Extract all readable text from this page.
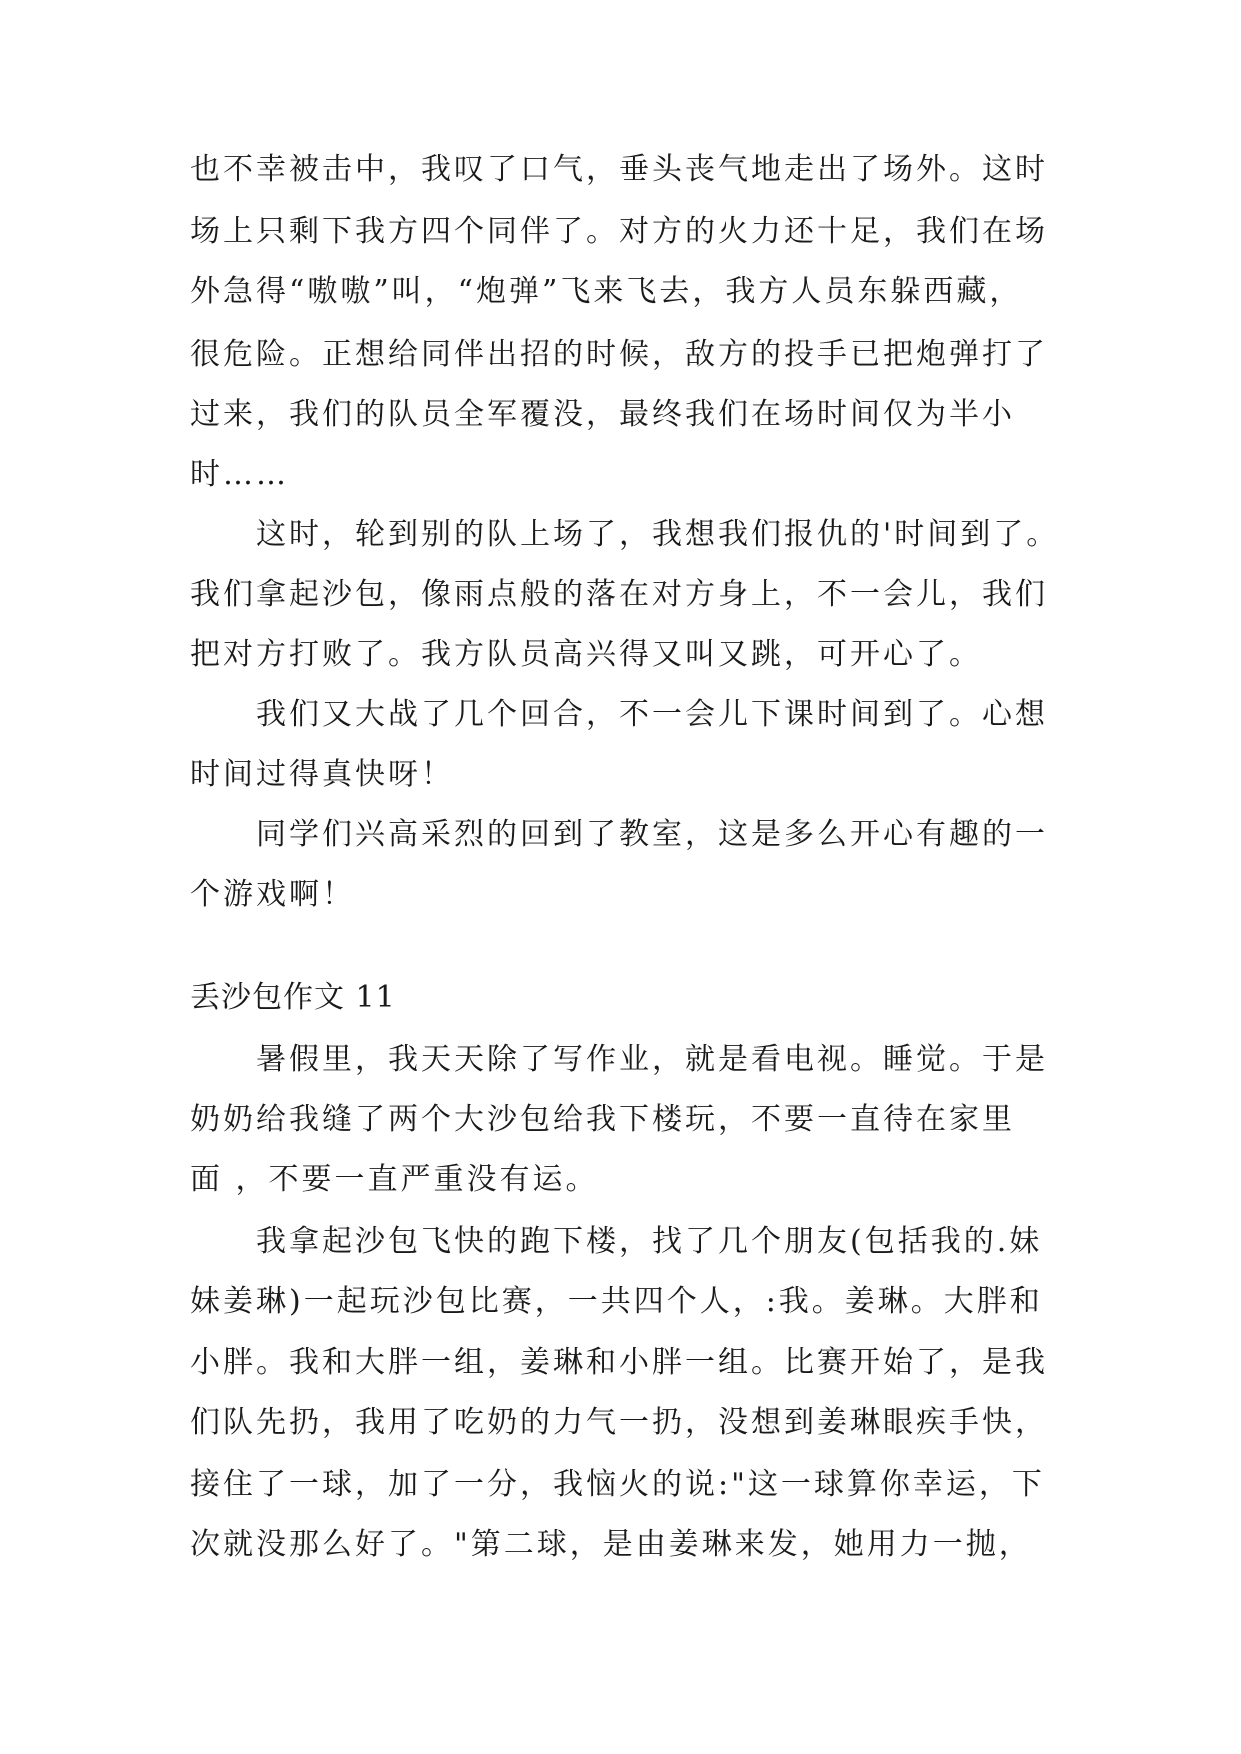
也不幸被击中，我叹了口气，垂头丧气地走出了场外。这时
场上只剩下我方四个同伴了。对方的火力还十足，我们在场
外急得“嗷嗷”叫，“炮弹”飞来飞去，我方人员东躲西藏，
很危险。正想给同伴出招的时候，敌方的投手已把炮弹打了
过来，我们的队员全军覆没，最终我们在场时间仅为半小
时……
这时，轮到别的队上场了，我想我们报仇的'时间到了。
我们拿起沙包，像雨点般的落在对方身上，不一会儿，我们
把对方打败了。我方队员高兴得又叫又跳，可开心了。
我们又大战了几个回合，不一会儿下课时间到了。心想
时间过得真快呀！
同学们兴高采烈的回到了教室，这是多么开心有趣的一
个游戏啊！
丢沙包作文 11
暑假里，我天天除了写作业，就是看电视。睡觉。于是
奶奶给我缝了两个大沙包给我下楼玩，不要一直待在家里
面 ，不要一直严重没有运。
我拿起沙包飞快的跑下楼，找了几个朋友(包括我的.妹
妹姜琳)一起玩沙包比赛，一共四个人，:我。姜琳。大胖和
小胖。我和大胖一组，姜琳和小胖一组。比赛开始了，是我
们队先扔，我用了吃奶的力气一扔，没想到姜琳眼疾手快，
接住了一球，加了一分，我恼火的说:"这一球算你幸运，下
次就没那么好了。"第二球，是由姜琳来发，她用力一抛，
